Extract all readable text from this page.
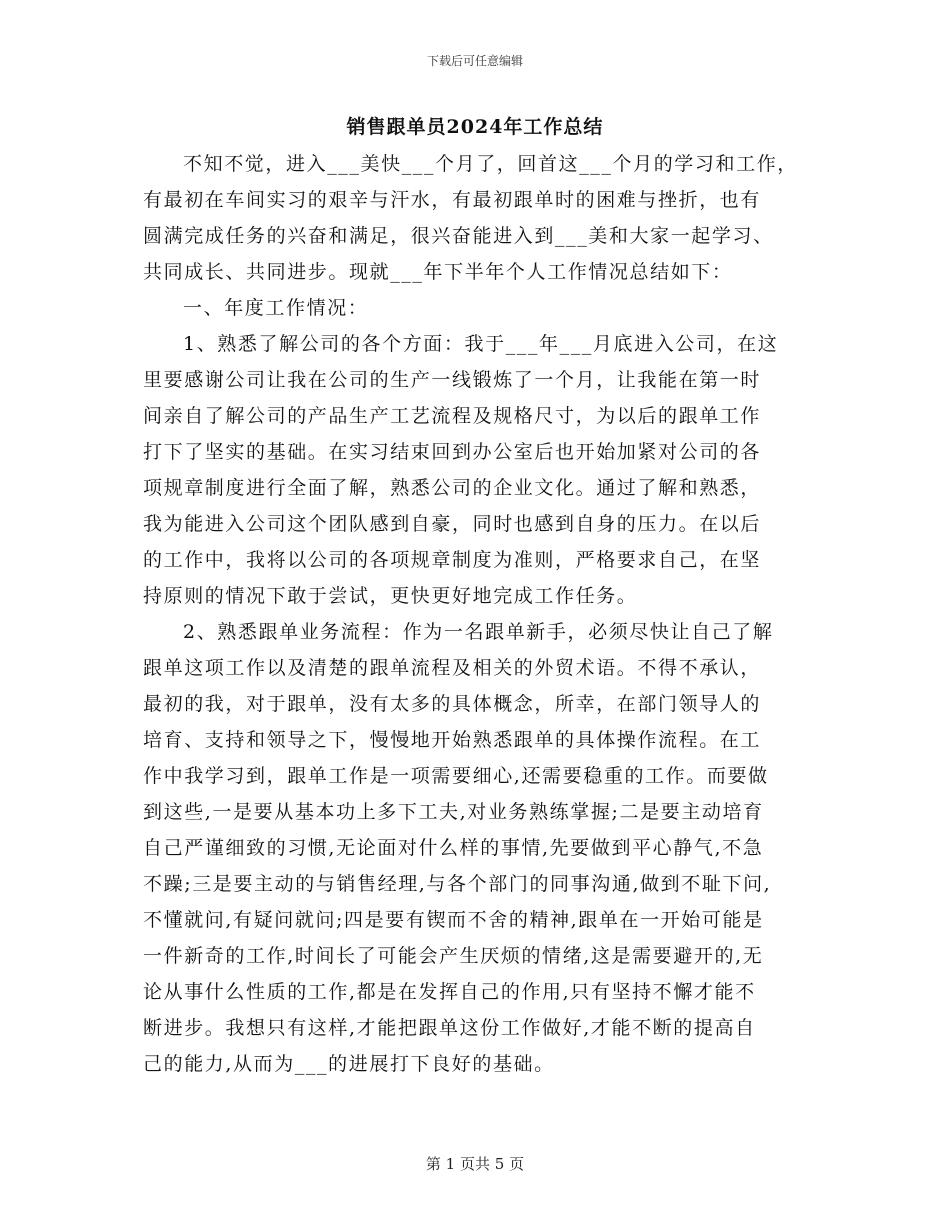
下载后可任意编辑
销售跟单员2024年工作总结
不知不觉，进入___美快___个月了，回首这___个月的学习和工作，
有最初在车间实习的艰辛与汗水，有最初跟单时的困难与挫折，也有
圆满完成任务的兴奋和满足，很兴奋能进入到___美和大家一起学习、
共同成长、共同进步。现就___年下半年个人工作情况总结如下：
一、年度工作情况：
1、熟悉了解公司的各个方面：我于___年___月底进入公司，在这
里要感谢公司让我在公司的生产一线锻炼了一个月，让我能在第一时
间亲自了解公司的产品生产工艺流程及规格尺寸，为以后的跟单工作
打下了坚实的基础。在实习结束回到办公室后也开始加紧对公司的各
项规章制度进行全面了解，熟悉公司的企业文化。通过了解和熟悉，
我为能进入公司这个团队感到自豪，同时也感到自身的压力。在以后
的工作中，我将以公司的各项规章制度为准则，严格要求自己，在坚
持原则的情况下敢于尝试，更快更好地完成工作任务。
2、熟悉跟单业务流程：作为一名跟单新手，必须尽快让自己了解
跟单这项工作以及清楚的跟单流程及相关的外贸术语。不得不承认，
最初的我，对于跟单，没有太多的具体概念，所幸，在部门领导人的
培育、支持和领导之下，慢慢地开始熟悉跟单的具体操作流程。在工
作中我学习到，跟单工作是一项需要细心,还需要稳重的工作。而要做
到这些,一是要从基本功上多下工夫,对业务熟练掌握;二是要主动培育
自己严谨细致的习惯,无论面对什么样的事情,先要做到平心静气,不急
不躁;三是要主动的与销售经理,与各个部门的同事沟通,做到不耻下问,
不懂就问,有疑问就问;四是要有锲而不舍的精神,跟单在一开始可能是
一件新奇的工作,时间长了可能会产生厌烦的情绪,这是需要避开的,无
论从事什么性质的工作,都是在发挥自己的作用,只有坚持不懈才能不
断进步。我想只有这样,才能把跟单这份工作做好,才能不断的提高自
己的能力,从而为___的进展打下良好的基础。
第 1 页共 5 页
